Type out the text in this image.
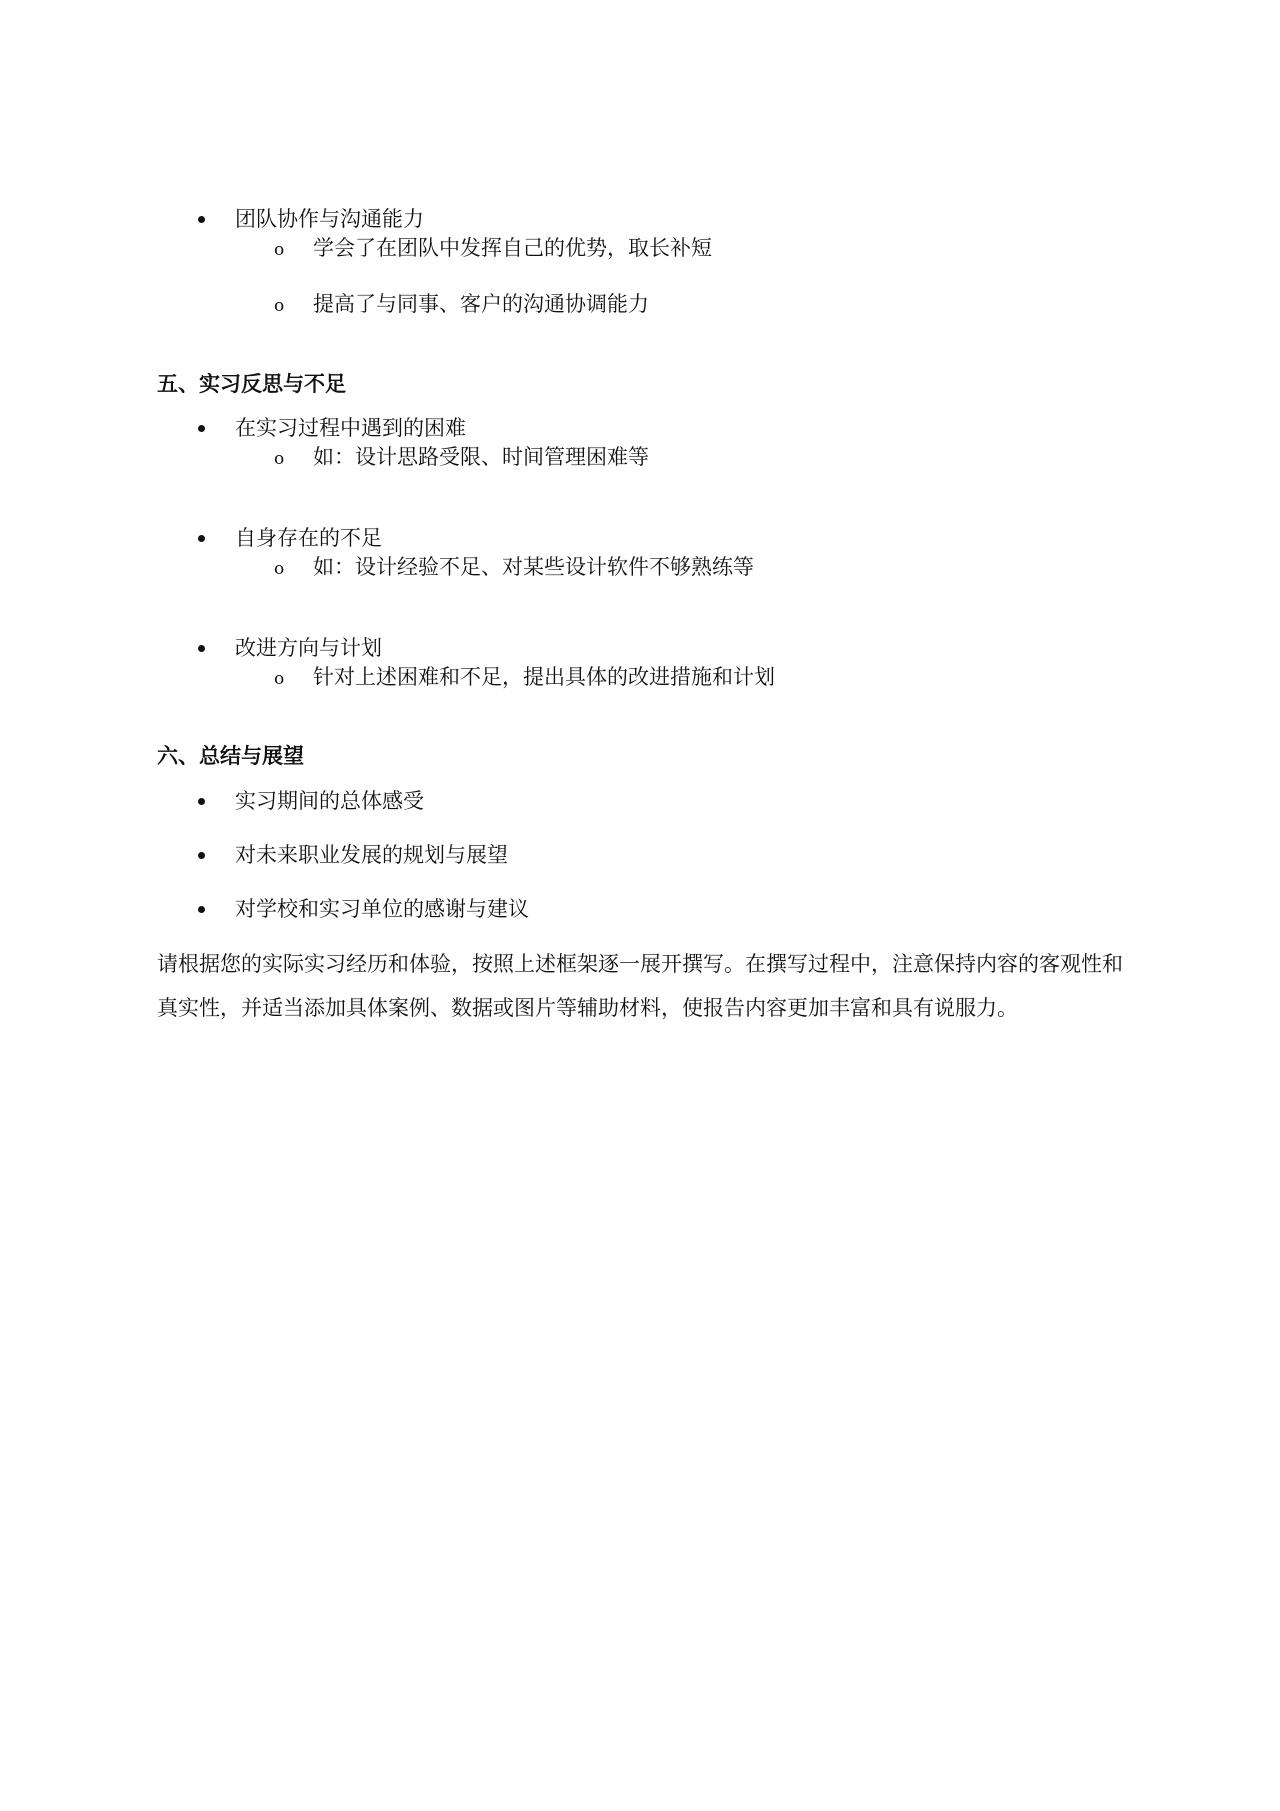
团队协作与沟通能力
o 学会了在团队中发挥自己的优势，取长补短
o 提高了与同事、客户的沟通协调能力
五、实习反思与不足
在实习过程中遇到的困难
o 如：设计思路受限、时间管理困难等
自身存在的不足
o 如：设计经验不足、对某些设计软件不够熟练等
改进方向与计划
o 针对上述困难和不足，提出具体的改进措施和计划
六、总结与展望
实习期间的总体感受
对未来职业发展的规划与展望
对学校和实习单位的感谢与建议
请根据您的实际实习经历和体验，按照上述框架逐一展开撰写。在撰写过程中，注意保持内容的客观性和真实性，并适当添加具体案例、数据或图片等辅助材料，使报告内容更加丰富和具有说服力。
